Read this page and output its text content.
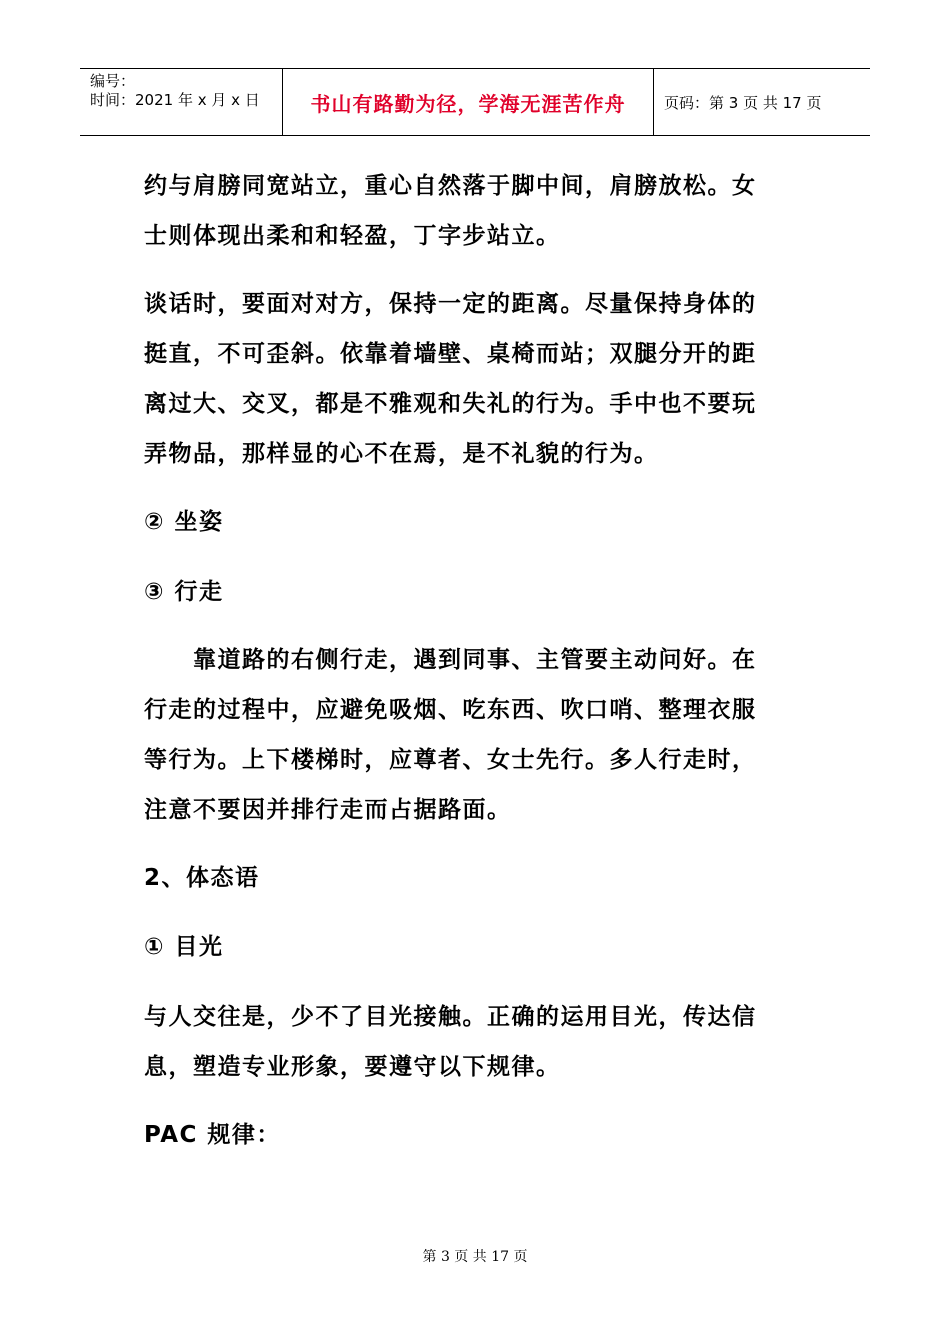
编号：
时间：2021 年 x 月 x 日	书山有路勤为径，学海无涯苦作舟	页码：第 3 页 共 17 页
约与肩膀同宽站立，重心自然落于脚中间，肩膀放松。女
士则体现出柔和和轻盈，丁字步站立。
谈话时，要面对对方，保持一定的距离。尽量保持身体的
挺直，不可歪斜。依靠着墙壁、桌椅而站；双腿分开的距
离过大、交叉，都是不雅观和失礼的行为。手中也不要玩
弄物品，那样显的心不在焉，是不礼貌的行为。
② 坐姿
③ 行走
　　靠道路的右侧行走，遇到同事、主管要主动问好。在
行走的过程中，应避免吸烟、吃东西、吹口哨、整理衣服
等行为。上下楼梯时，应尊者、女士先行。多人行走时，
注意不要因并排行走而占据路面。
2、体态语
① 目光
与人交往是，少不了目光接触。正确的运用目光，传达信
息，塑造专业形象，要遵守以下规律。
PAC 规律：
第 3 页 共 17 页
